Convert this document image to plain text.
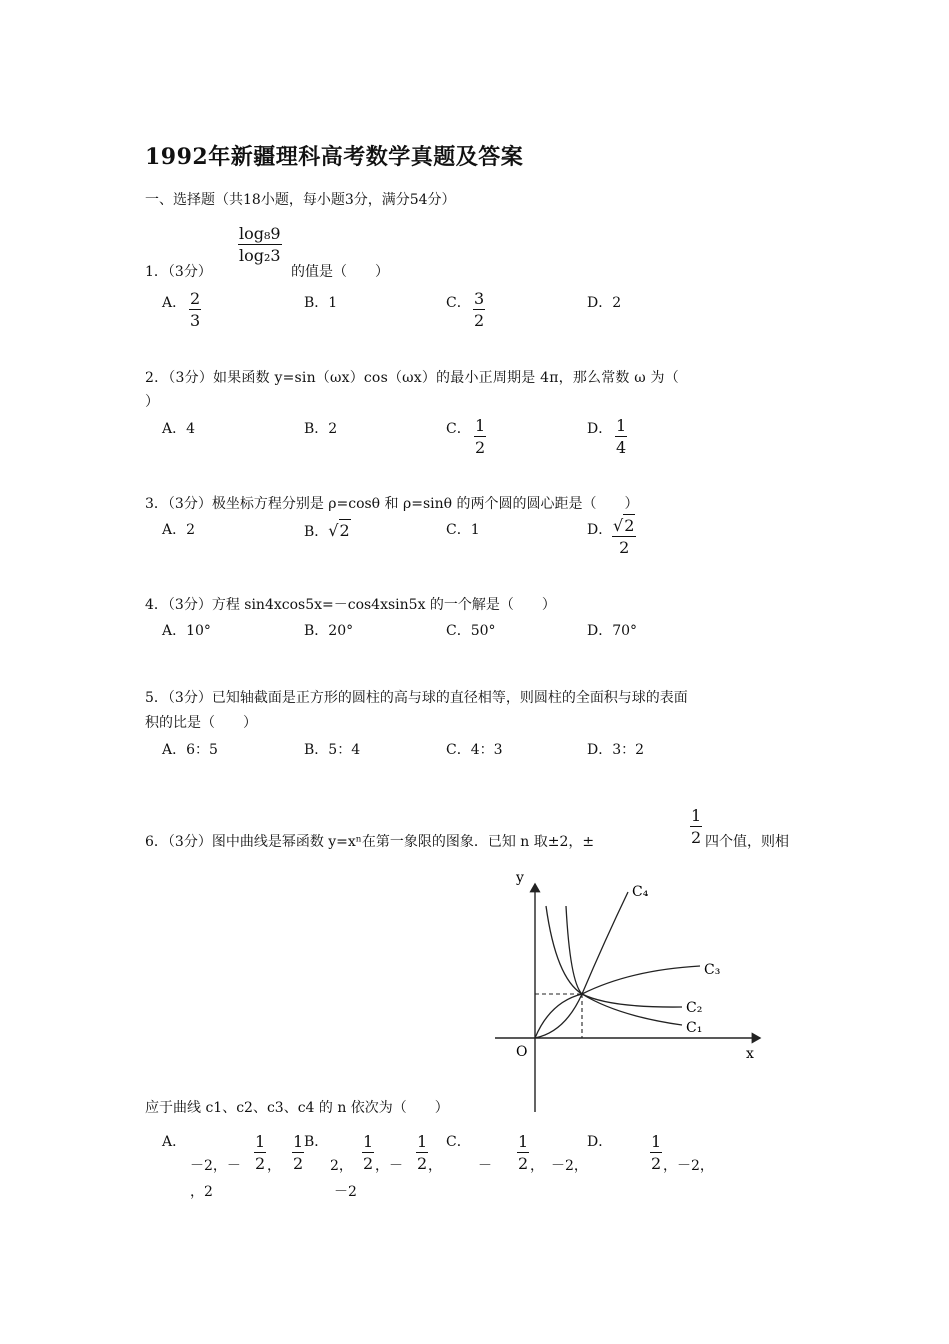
1992年新疆理科高考数学真题及答案
一、选择题（共18小题，每小题3分，满分54分）
log₈9
log₂3
1．（3分）	的值是（　　）
A． 2
3
B．1	C． 3
2
D．2
2．（3分）如果函数 y=sin（ωx）cos（ωx）的最小正周期是 4π，那么常数 ω 为（
）
A．4	B．2	C． 1
2
D． 1
4
3．（3分）极坐标方程分别是 ρ=cosθ 和 ρ=sinθ 的两个圆的圆心距是（　　）
A．2	B．√2	C．1	D． √2
2
4．（3分）方程 sin4xcos5x=－cos4xsin5x 的一个解是（　　）
A．10°	B．20°	C．50°	D．70°
5．（3分）已知轴截面是正方形的圆柱的高与球的直径相等，则圆柱的全面积与球的表面
积的比是（　　）
A．6：5	B．5：4	C．4：3	D．3：2
6．（3分）图中曲线是幂函数 y=xⁿ在第一象限的图象．已知 n 取±2，±
1
2 四个值，则相
y
x
O
C₄
C₃
C₂
C₁
应于曲线 c1、c2、c3、c4 的 n 依次为（　　）
A．
－2，－
1
2 ，
1
2
，2
B．
2，
1
2 ，－
1
2 ，
－2
C．
－
1
2 ，　－2，
D． 1
2 ，－2，
